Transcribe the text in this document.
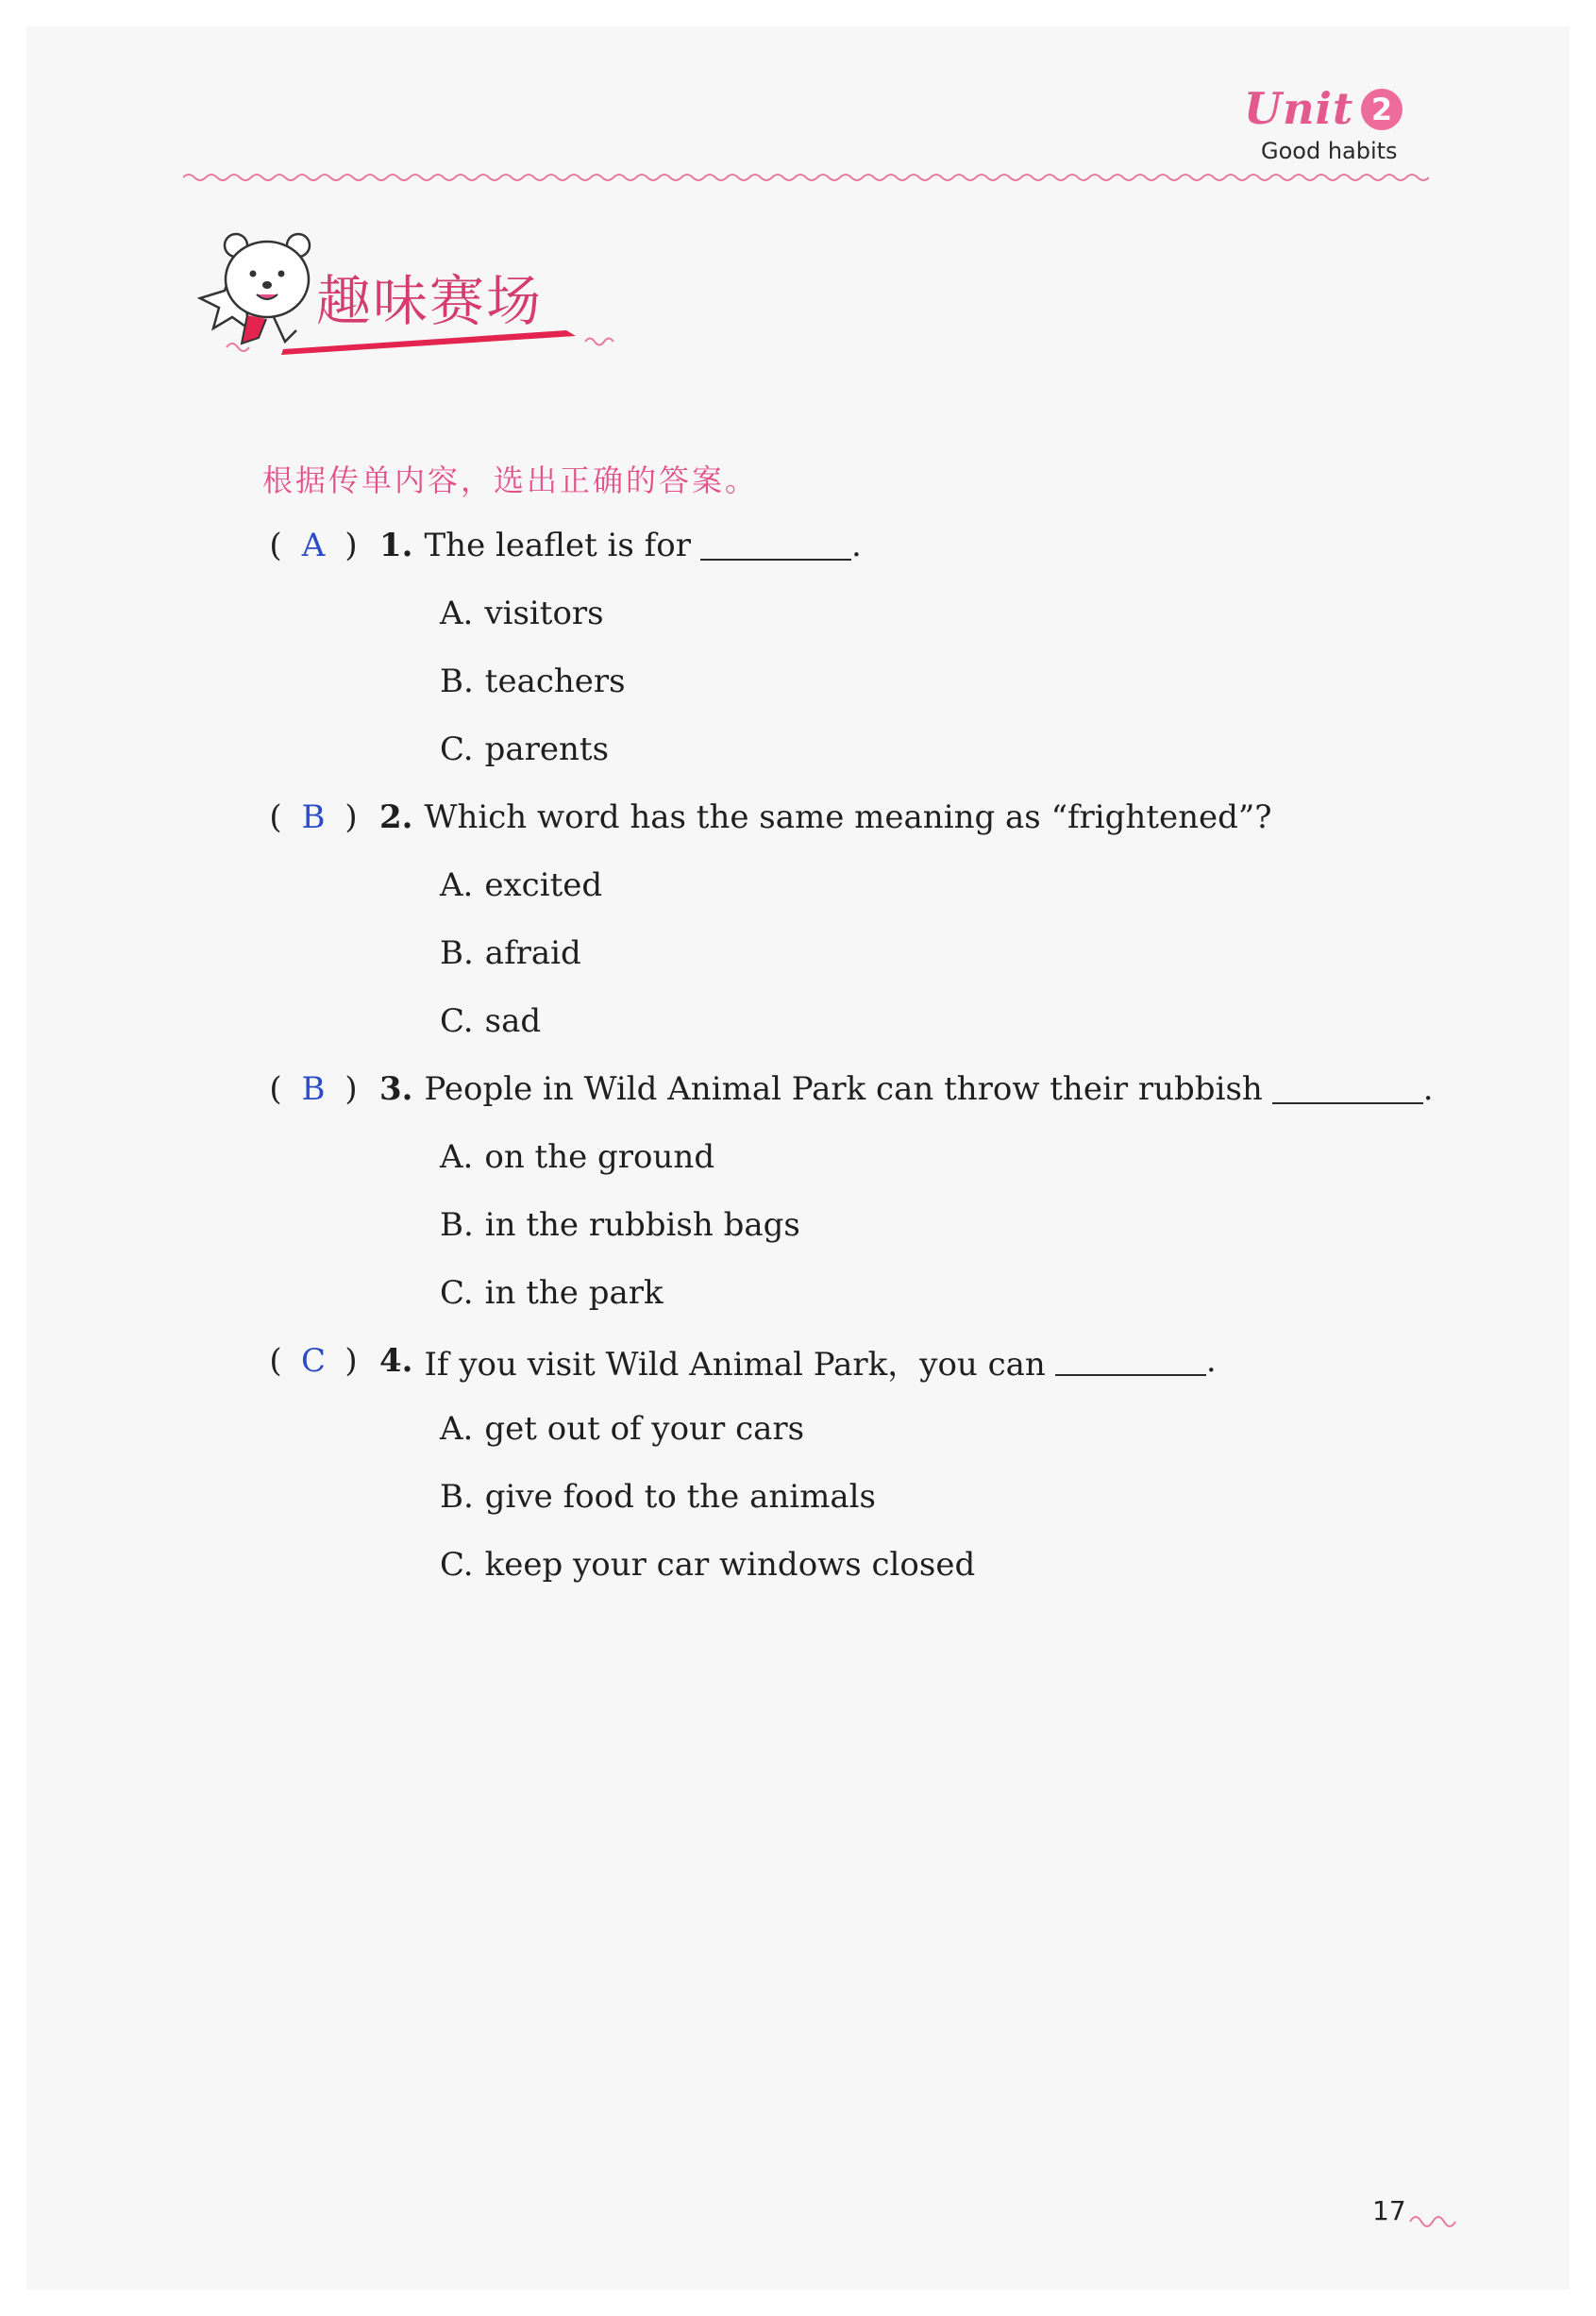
Unit 2
Good habits
趣味赛场
根据传单内容，选出正确的答案。
( A ) 1. The leaflet is for	.
A. visitors
B. teachers
C. parents
( B ) 2. Which word has the same meaning as “frightened”?
A. excited
B. afraid
C. sad
( B ) 3. People in Wild Animal Park can throw their rubbish	.
A. on the ground
B. in the rubbish bags
C. in the park
( C ) 4. If you visit Wild Animal Park，you can	.
A. get out of your cars
B. give food to the animals
C. keep your car windows closed
17
